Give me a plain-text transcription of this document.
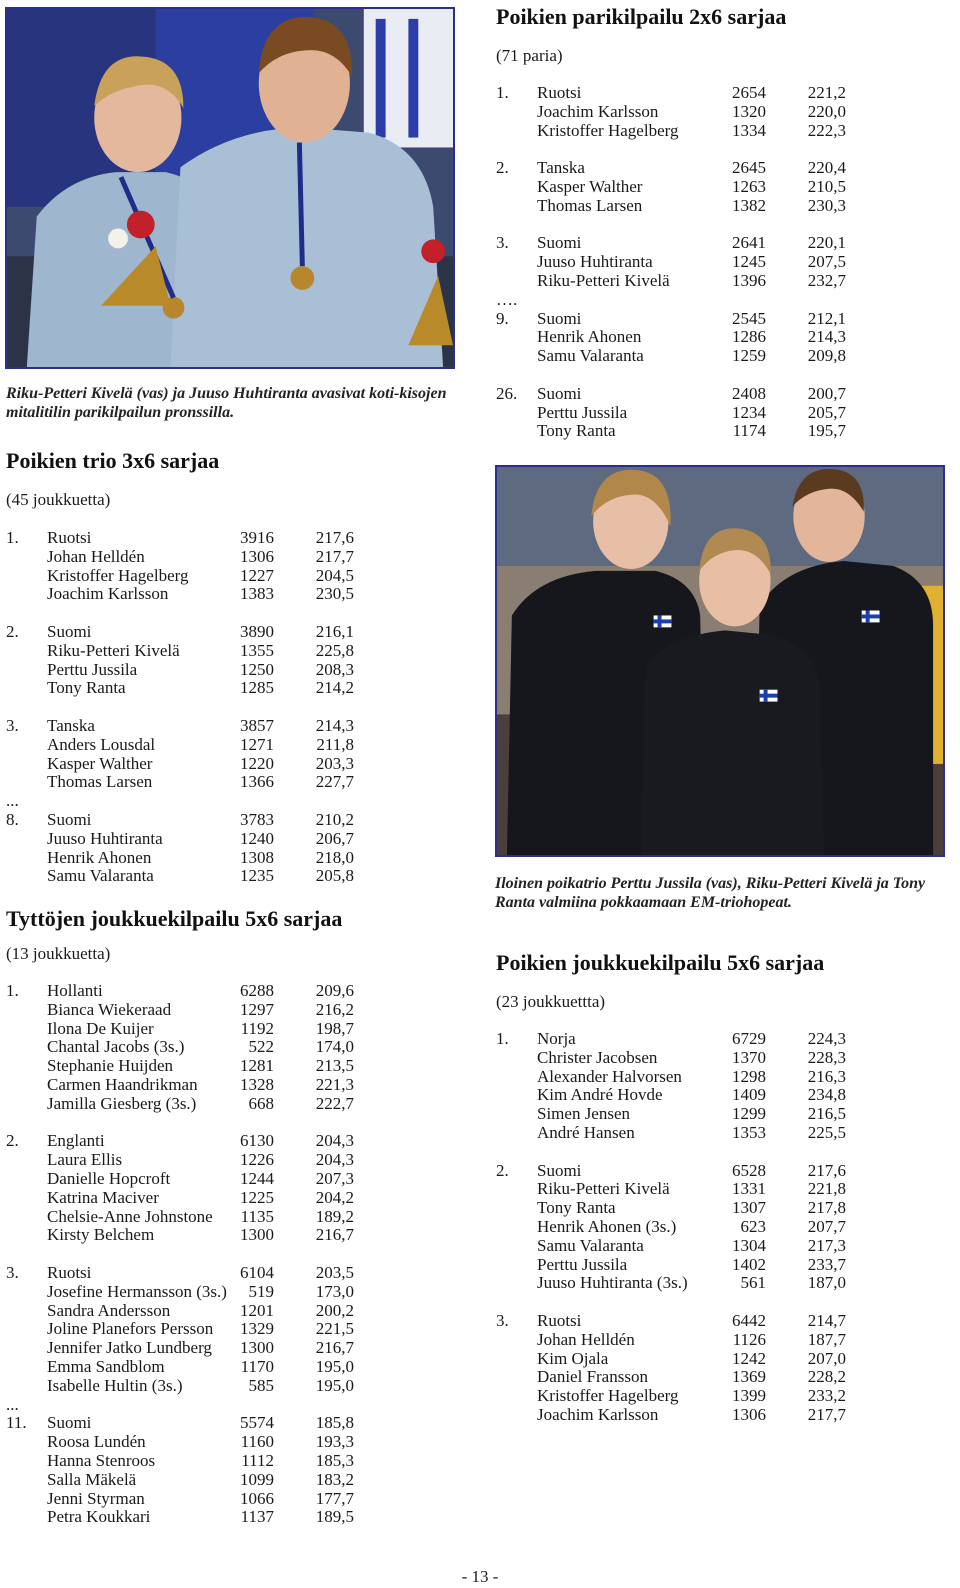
Riku-Petteri Kivelä (vas) ja Juuso Huhtiranta avasivat koti-kisojen mitalitilin parikilpailun pronssilla.
Poikien parikilpailu 2x6 sarjaa
(71 paria)
1. Ruotsi	2654 221,2
Joachim Karlsson	1320 220,0
Kristoffer Hagelberg	1334 222,3
2. Tanska	2645 220,4
Kasper Walther	1263 210,5
Thomas Larsen	1382 230,3
3. Suomi	2641 220,1
Juuso Huhtiranta	1245 207,5
Riku-Petteri Kivelä	1396 232,7
….
9. Suomi	2545 212,1
Henrik Ahonen	1286 214,3
Samu Valaranta	1259 209,8
26. Suomi	2408 200,7
Perttu Jussila	1234 205,7
Tony Ranta	1174 195,7
Poikien trio 3x6 sarjaa
(45 joukkuetta)
1. Ruotsi	3916 217,6
Johan Helldén	1306 217,7
Kristoffer Hagelberg	1227 204,5
Joachim Karlsson	1383 230,5
2. Suomi	3890 216,1
Riku-Petteri Kivelä	1355 225,8
Perttu Jussila	1250 208,3
Tony Ranta	1285 214,2
3. Tanska	3857 214,3
Anders Lousdal	1271 211,8
Kasper Walther	1220 203,3
Thomas Larsen	1366 227,7
...
8. Suomi	3783 210,2
Juuso Huhtiranta	1240 206,7
Henrik Ahonen	1308 218,0
Samu Valaranta	1235 205,8
Tyttöjen joukkuekilpailu 5x6 sarjaa
(13 joukkuetta)
1. Hollanti	6288 209,6
Bianca Wiekeraad	1297 216,2
Ilona De Kuijer	1192 198,7
Chantal Jacobs (3s.)	522 174,0
Stephanie Huijden	1281 213,5
Carmen Haandrikman 1328 221,3
Jamilla Giesberg (3s.)	668 222,7
2. Englanti	6130 204,3
Laura Ellis	1226 204,3
Danielle Hopcroft	1244 207,3
Katrina Maciver	1225 204,2
Chelsie-Anne Johnstone 1135 189,2
Kirsty Belchem	1300 216,7
3. Ruotsi	6104 203,5
Josefine Hermansson (3s.) 519 173,0
Sandra Andersson	1201 200,2
Joline Planefors Persson 1329 221,5
Jennifer Jatko Lundberg 1300 216,7
Emma Sandblom	1170 195,0
Isabelle Hultin (3s.)	585 195,0
...
11. Suomi	5574 185,8
Roosa Lundén	1160 193,3
Hanna Stenroos	1112 185,3
Salla Mäkelä	1099 183,2
Jenni Styrman	1066 177,7
Petra Koukkari	1137 189,5
Iloinen poikatrio Perttu Jussila (vas), Riku-Petteri Kivelä ja Tony Ranta valmiina pokkaamaan EM-triohopeat.
Poikien joukkuekilpailu 5x6 sarjaa
(23 joukkuettta)
1. Norja	6729 224,3
Christer Jacobsen	1370 228,3
Alexander Halvorsen	1298 216,3
Kim André Hovde	1409 234,8
Simen Jensen	1299 216,5
André Hansen	1353 225,5
2. Suomi	6528 217,6
Riku-Petteri Kivelä	1331 221,8
Tony Ranta	1307 217,8
Henrik Ahonen (3s.)	623 207,7
Samu Valaranta	1304 217,3
Perttu Jussila	1402 233,7
Juuso Huhtiranta (3s.)	561 187,0
3. Ruotsi	6442 214,7
Johan Helldén	1126 187,7
Kim Ojala	1242 207,0
Daniel Fransson	1369 228,2
Kristoffer Hagelberg	1399 233,2
Joachim Karlsson	1306 217,7
- 13 -
